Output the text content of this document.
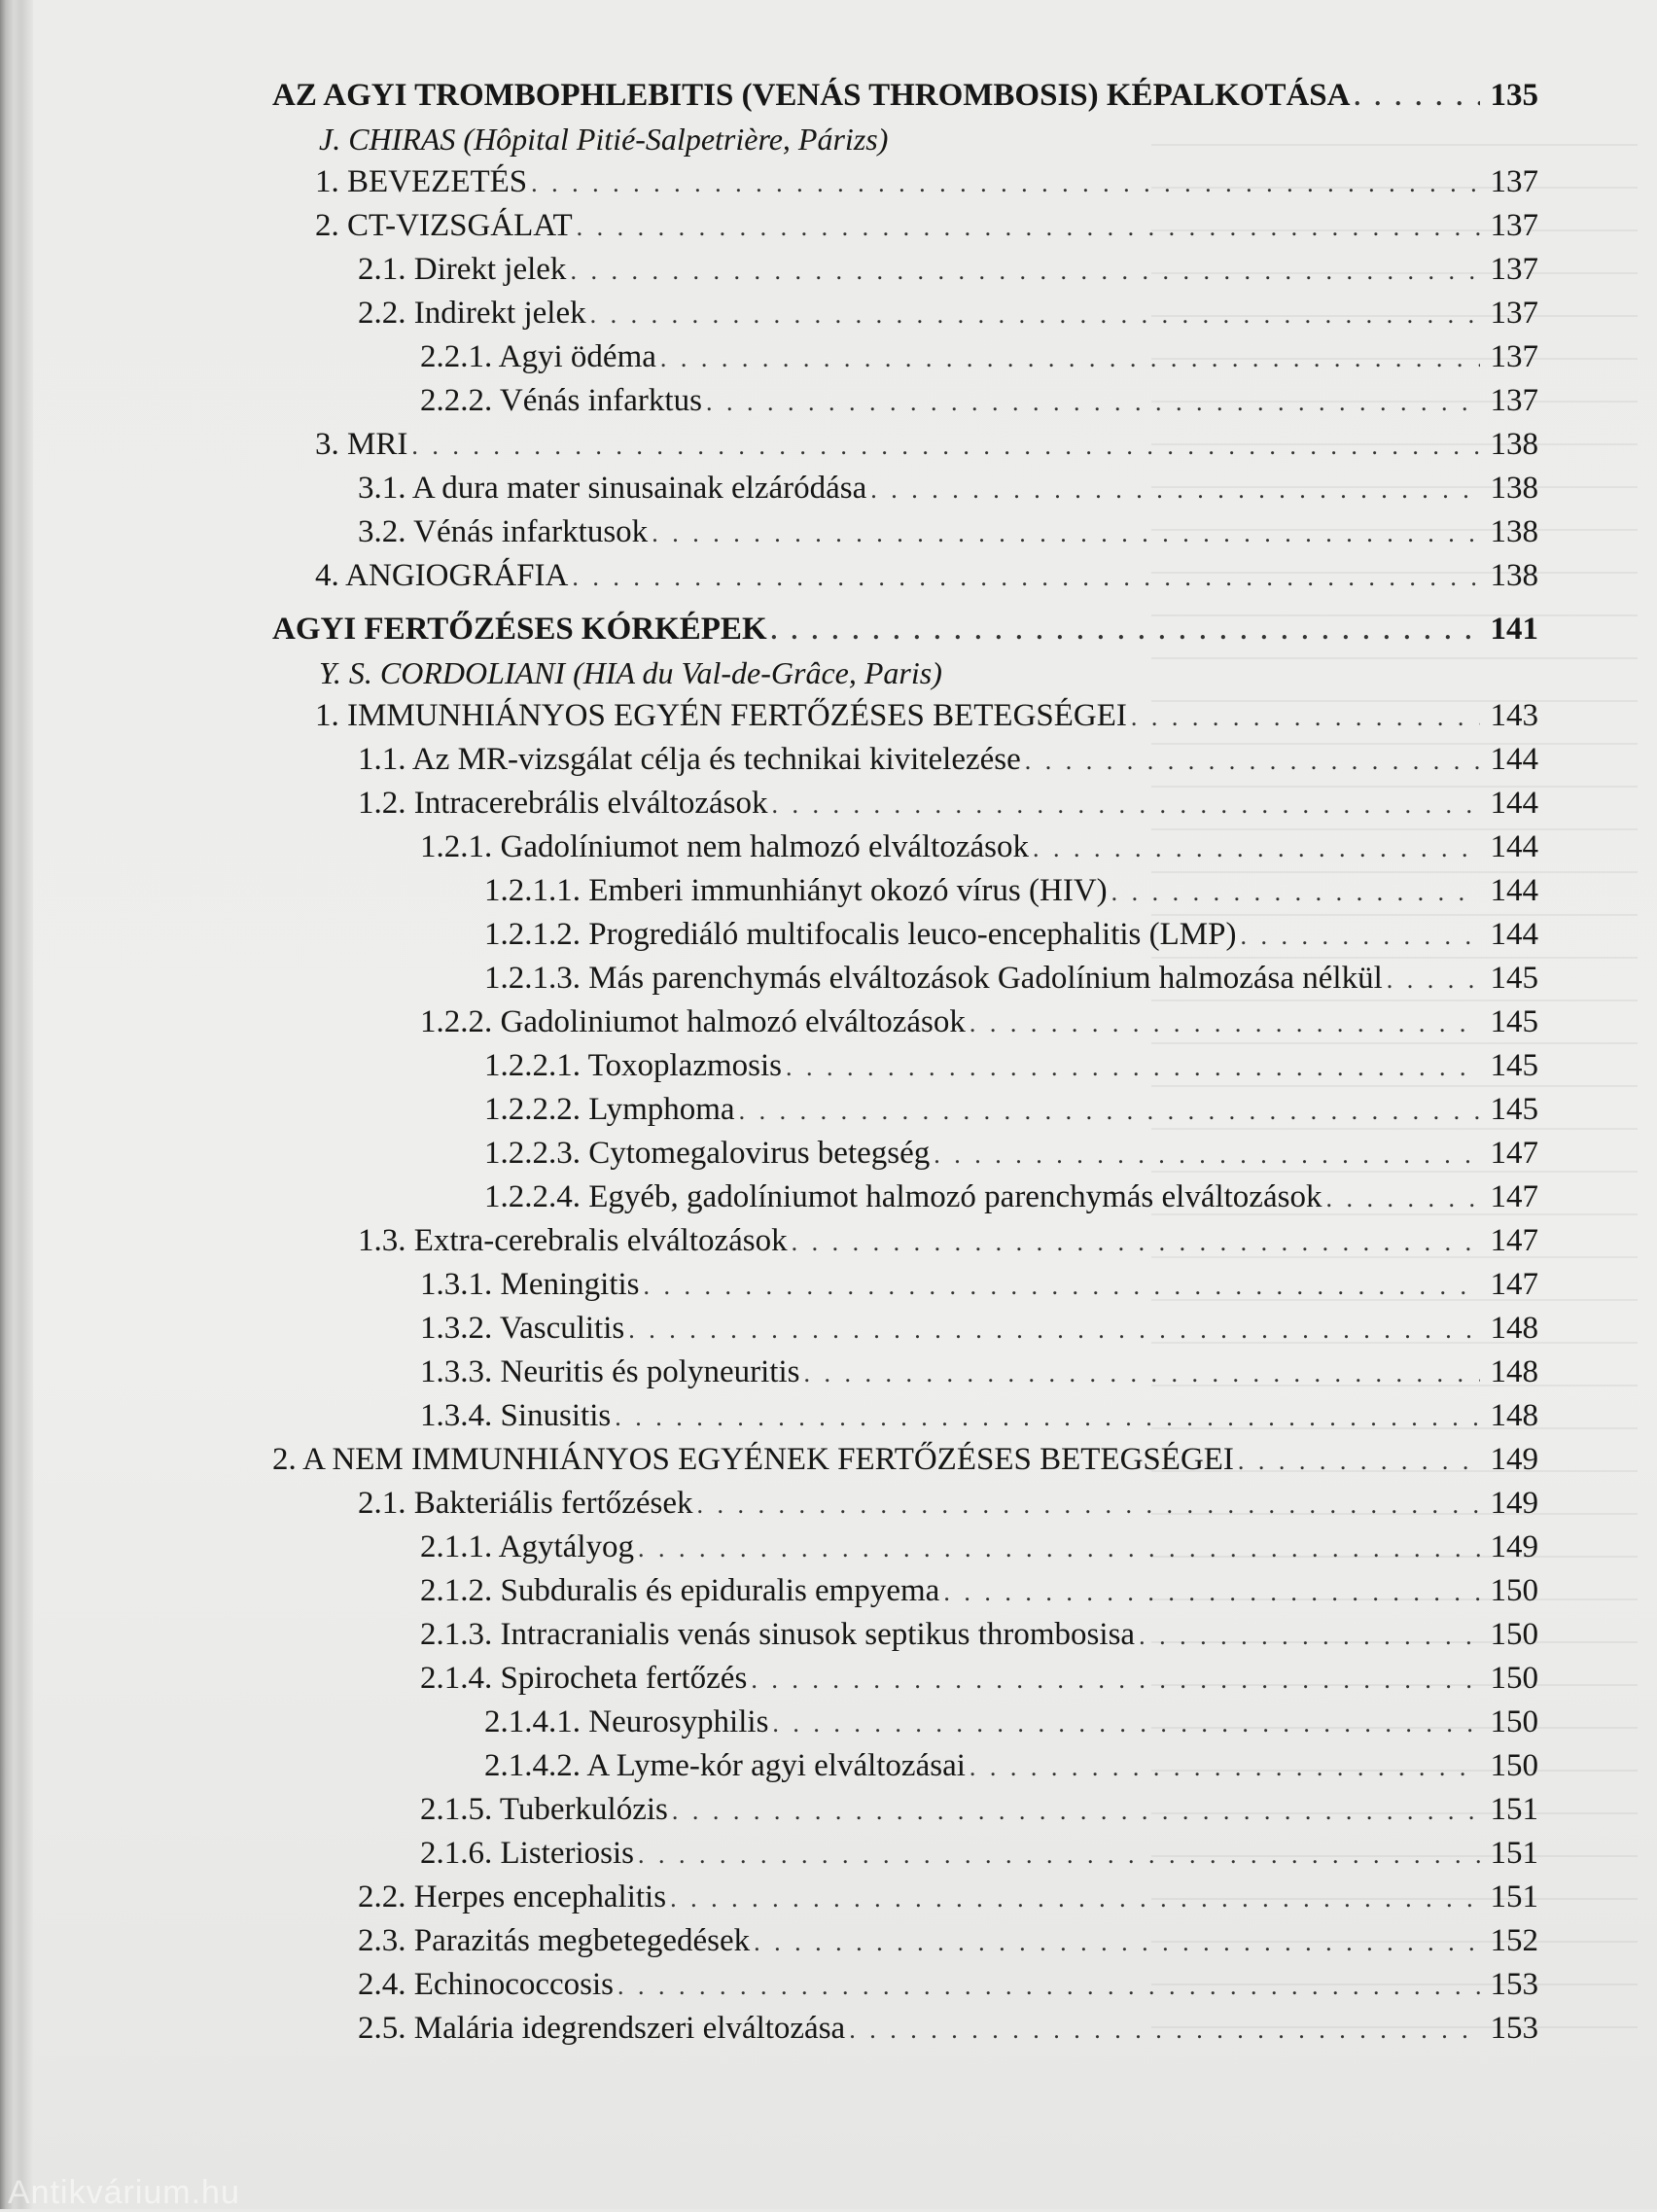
AZ AGYI TROMBOPHLEBITIS (VENÁS THROMBOSIS) KÉPALKOTÁSA . . .	135
J. CHIRAS (Hôpital Pitié-Salpetrière, Párizs)
1. BEVEZETÉS . . .	137
2. CT-VIZSGÁLAT . . .	137
2.1. Direkt jelek . . .	137
2.2. Indirekt jelek . . .	137
2.2.1. Agyi ödéma . . .	137
2.2.2. Vénás infarktus . . .	137
3. MRI . . .	138
3.1. A dura mater sinusainak elzáródása . . .	138
3.2. Vénás infarktusok . . .	138
4. ANGIOGRÁFIA . . .	138
AGYI FERTŐZÉSES KÓRKÉPEK . . .	141
Y. S. CORDOLIANI (HIA du Val-de-Grâce, Paris)
1. IMMUNHIÁNYOS EGYÉN FERTŐZÉSES BETEGSÉGEI . . .	143
1.1. Az MR-vizsgálat célja és technikai kivitelezése . . .	144
1.2. Intracerebrális elváltozások . . .	144
1.2.1. Gadolíniumot nem halmozó elváltozások . . .	144
1.2.1.1. Emberi immunhiányt okozó vírus (HIV) . . .	144
1.2.1.2. Progrediáló multifocalis leuco-encephalitis (LMP) . . .	144
1.2.1.3. Más parenchymás elváltozások Gadolínium halmozása nélkül . . .	145
1.2.2. Gadoliniumot halmozó elváltozások . . .	145
1.2.2.1. Toxoplazmosis . . .	145
1.2.2.2. Lymphoma . . .	145
1.2.2.3. Cytomegalovirus betegség . . .	147
1.2.2.4. Egyéb, gadolíniumot halmozó parenchymás elváltozások . . .	147
1.3. Extra-cerebralis elváltozások . . .	147
1.3.1. Meningitis . . .	147
1.3.2. Vasculitis . . .	148
1.3.3. Neuritis és polyneuritis . . .	148
1.3.4. Sinusitis . . .	148
2. A NEM IMMUNHIÁNYOS EGYÉNEK FERTŐZÉSES BETEGSÉGEI . . .	149
2.1. Bakteriális fertőzések . . .	149
2.1.1. Agytályog . . .	149
2.1.2. Subduralis és epiduralis empyema . . .	150
2.1.3. Intracranialis venás sinusok septikus thrombosisa . . .	150
2.1.4. Spirocheta fertőzés . . .	150
2.1.4.1. Neurosyphilis . . .	150
2.1.4.2. A Lyme-kór agyi elváltozásai . . .	150
2.1.5. Tuberkulózis . . .	151
2.1.6. Listeriosis . . .	151
2.2. Herpes encephalitis . . .	151
2.3. Parazitás megbetegedések . . .	152
2.4. Echinococcosis . . .	153
2.5. Malária idegrendszeri elváltozása . . .	153
Antikvárium.hu
